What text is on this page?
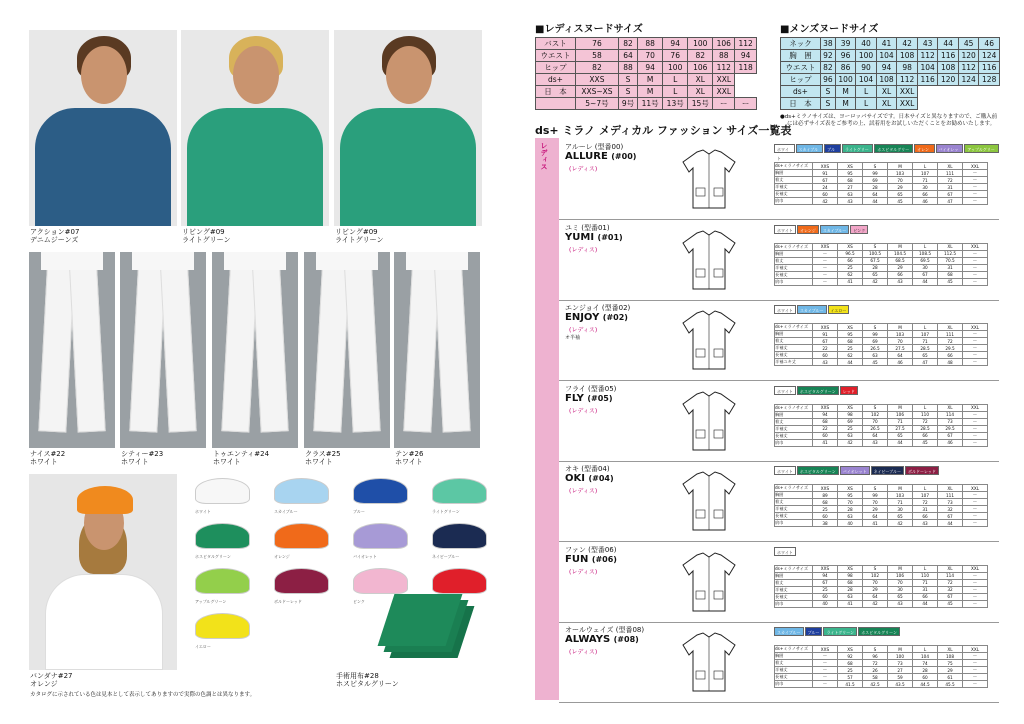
アクション#07
デニムジーンズ
リビング#09
ライトグリーン
リビング#09
ライトグリーン
ナイス#22
ホワイト
シティー#23
ホワイト
トゥエンティ#24
ホワイト
クラス#25
ホワイト
テン#26
ホワイト
バンダナ#27
オレンジ
ホワイト	スカイブルー	ブルー	ライトグリーン
ホスピタルグリーン	オレンジ	バイオレット	ネイビーブルー
アップルグリーン	ボルドーレッド	ピンク
イエロー
手術用布#28
ホスピタルグリーン
カタログに示されている色は見本として表示してありますので実際の色調とは異なります。
■レディスヌードサイズ
バスト	76	82	88	94	100	106	112
ウエスト	58	64	70	76	82	88	94
ヒップ	82	88	94	100	106	112	118
ds+	XXS	S	M	L	XL	XXL	
日　本	XXS~XS	S	M	L	XL	XXL	
	5~7号	9号	11号	13号	15号	ー	ー
■メンズヌードサイズ
ネック	38	39	40	41	42	43	44	45	46
胸　囲	92	96	100	104	108	112	116	120	124
ウエスト	82	86	90	94	98	104	108	112	116
ヒップ	96	100	104	108	112	116	120	124	128
ds+	S	M	L	XL	XXL				
日　本	S	M	L	XL	XXL				
●ds+ミラノサイズは、ヨーロッパサイズです。日本サイズと異なりますので、ご購入前
には必ずサイズ表をご参考の上、試着用をお試しいただくことをお勧めいたします。
ds+ ミラノ メディカル ファッション サイズ一覧表
レディス アルーレ (型番00)
ALLURE (#00)
(レディス)
ホワイト
スカイブルー
ブルー
ライトグリーン
ホスピタルグリーン
オレンジ
バイオレット
アップルグリーン
ds+ミラノサイズ	XXS	XS	S	M	L	XL	XXL
胸囲	91	95	99	103	107	111	ー
着丈	67	68	69	70	71	72	ー
半袖丈	24	27	28	29	30	31	ー
長袖丈	60	63	64	65	66	67	ー
肩巾	42	43	44	45	46	47	ー
ユミ (型番01)
YUMI (#01)
(レディス)
ホワイト	オレンジ	スカイブルー	ピンク
ds+ミラノサイズ	XXS	XS	S	M	L	XL	XXL
胸囲	ー	96.5	100.5	104.5	108.5	112.5	ー
着丈	ー	66	67.5	68.5	69.5	70.5	ー
半袖丈	ー	25	28	29	30	31	ー
長袖丈	ー	62	65	66	67	68	ー
肩巾	ー	41	42	43	44	45	ー
エンジョイ (型番02)
ENJOY (#02)
(レディス)
オ半袖
ホワイト	スカイブルー	イエロー
ds+ミラノサイズ	XXS	XS	S	M	L	XL	XXL
胸囲	91	95	99	103	107	111	ー
着丈	67	68	69	70	71	72	ー
半袖丈	22	25	26.5	27.5	28.5	29.5	ー
長袖丈	60	62	63	64	65	66	ー
半袖ユキ丈	43	44	45	46	47	48	ー
フライ (型番05)
FLY (#05)
(レディス)
ホワイト	ホスピタルグリーン	レッド
ds+ミラノサイズ	XXS	XS	S	M	L	XL	XXL
胸囲	94	98	102	106	110	114	ー
着丈	68	69	70	71	72	73	ー
半袖丈	22	25	26.5	27.5	28.5	29.5	ー
長袖丈	60	63	64	65	66	67	ー
肩巾	41	42	43	44	45	46	ー
オキ (型番04)
OKI (#04)
(レディス)
ホワイト	ホスピタルグリーン	バイオレット	ネイビーブルー	ボルドーレッド
ds+ミラノサイズ	XXS	XS	S	M	L	XL	XXL
胸囲	89	95	99	103	107	111	ー
着丈	68	70	70	71	72	73	ー
半袖丈	25	28	29	30	31	32	ー
長袖丈	60	63	64	65	66	67	ー
肩巾	38	40	41	42	43	44	ー
ファン (型番06)
FUN (#06)
(レディス)
ホワイト
ds+ミラノサイズ	XXS	XS	S	M	L	XL	XXL
胸囲	94	98	102	106	110	114	ー
着丈	67	68	70	70	71	72	ー
半袖丈	25	28	29	30	31	32	ー
長袖丈	60	63	64	65	66	67	ー
肩巾	40	41	42	43	44	45	ー
オールウェイズ (型番08)
ALWAYS (#08)
(レディス)
スカイブルー	ブルー	ライトグリーン	ホスピタルグリーン
ds+ミラノサイズ	XXS	XS	S	M	L	XL	XXL
胸囲	ー	92	96	100	104	108	ー
着丈	ー	68	72	73	74	75	ー
半袖丈	ー	25	26	27	28	29	ー
長袖丈	ー	57	58	59	60	61	ー
肩巾	ー	41.5	42.5	43.5	44.5	45.5	ー
